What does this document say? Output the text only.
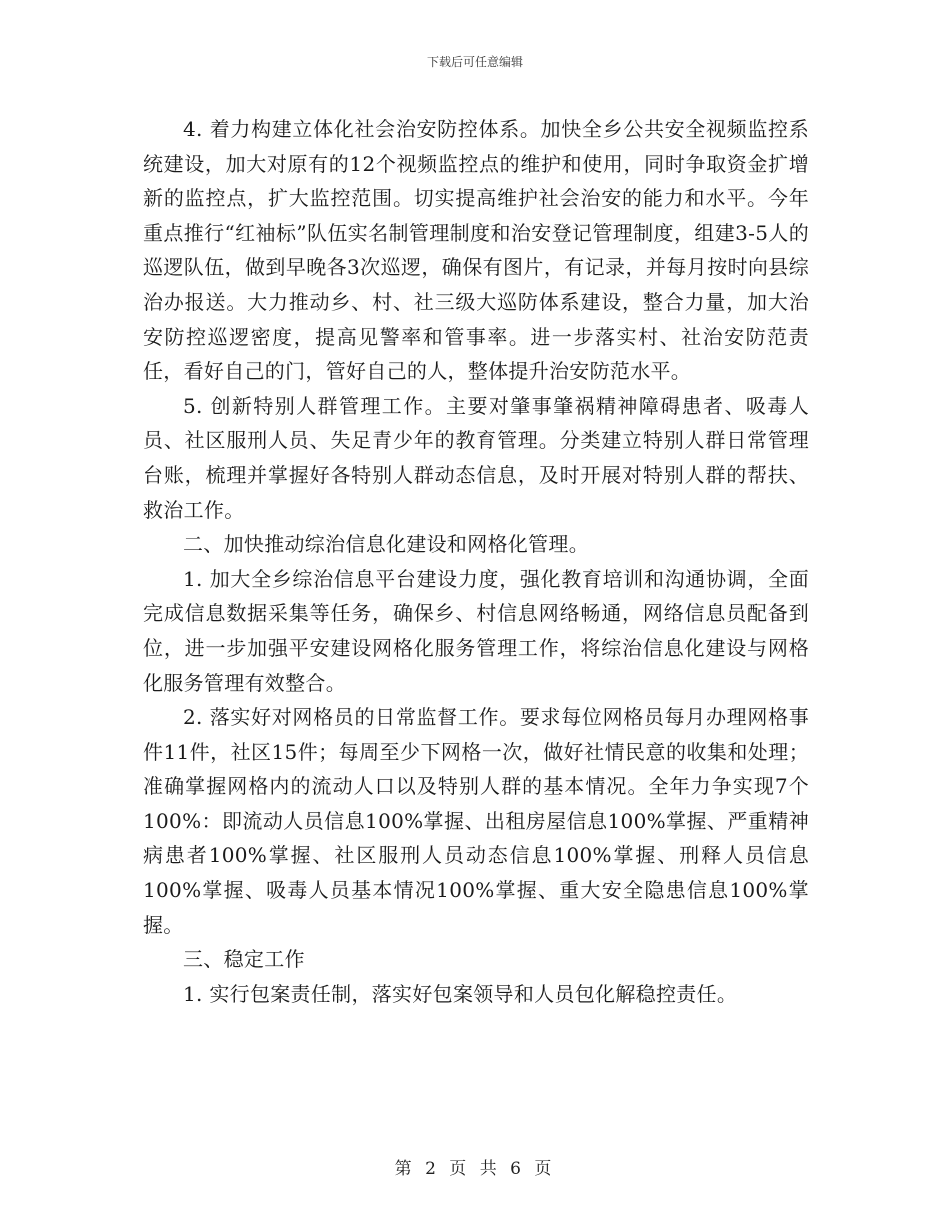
下载后可任意编辑

4. 着力构建立体化社会治安防控体系。加快全乡公共安全视频监控系统建设，加大对原有的12个视频监控点的维护和使用，同时争取资金扩增新的监控点，扩大监控范围。切实提高维护社会治安的能力和水平。今年重点推行“红袖标”队伍实名制管理制度和治安登记管理制度，组建3-5人的巡逻队伍，做到早晚各3次巡逻，确保有图片，有记录，并每月按时向县综治办报送。大力推动乡、村、社三级大巡防体系建设，整合力量，加大治安防控巡逻密度，提高见警率和管事率。进一步落实村、社治安防范责任，看好自己的门，管好自己的人，整体提升治安防范水平。

5. 创新特别人群管理工作。主要对肇事肇祸精神障碍患者、吸毒人员、社区服刑人员、失足青少年的教育管理。分类建立特别人群日常管理台账，梳理并掌握好各特别人群动态信息，及时开展对特别人群的帮扶、救治工作。

二、加快推动综治信息化建设和网格化管理。

1. 加大全乡综治信息平台建设力度，强化教育培训和沟通协调，全面完成信息数据采集等任务，确保乡、村信息网络畅通，网络信息员配备到位，进一步加强平安建设网格化服务管理工作，将综治信息化建设与网格化服务管理有效整合。

2. 落实好对网格员的日常监督工作。要求每位网格员每月办理网格事件11件，社区15件；每周至少下网格一次，做好社情民意的收集和处理；准确掌握网格内的流动人口以及特别人群的基本情况。全年力争实现7个100%：即流动人员信息100%掌握、出租房屋信息100%掌握、严重精神病患者100%掌握、社区服刑人员动态信息100%掌握、刑释人员信息100%掌握、吸毒人员基本情况100%掌握、重大安全隐患信息100%掌握。

三、稳定工作

1. 实行包案责任制，落实好包案领导和人员包化解稳控责任。

第 2 页 共 6 页
